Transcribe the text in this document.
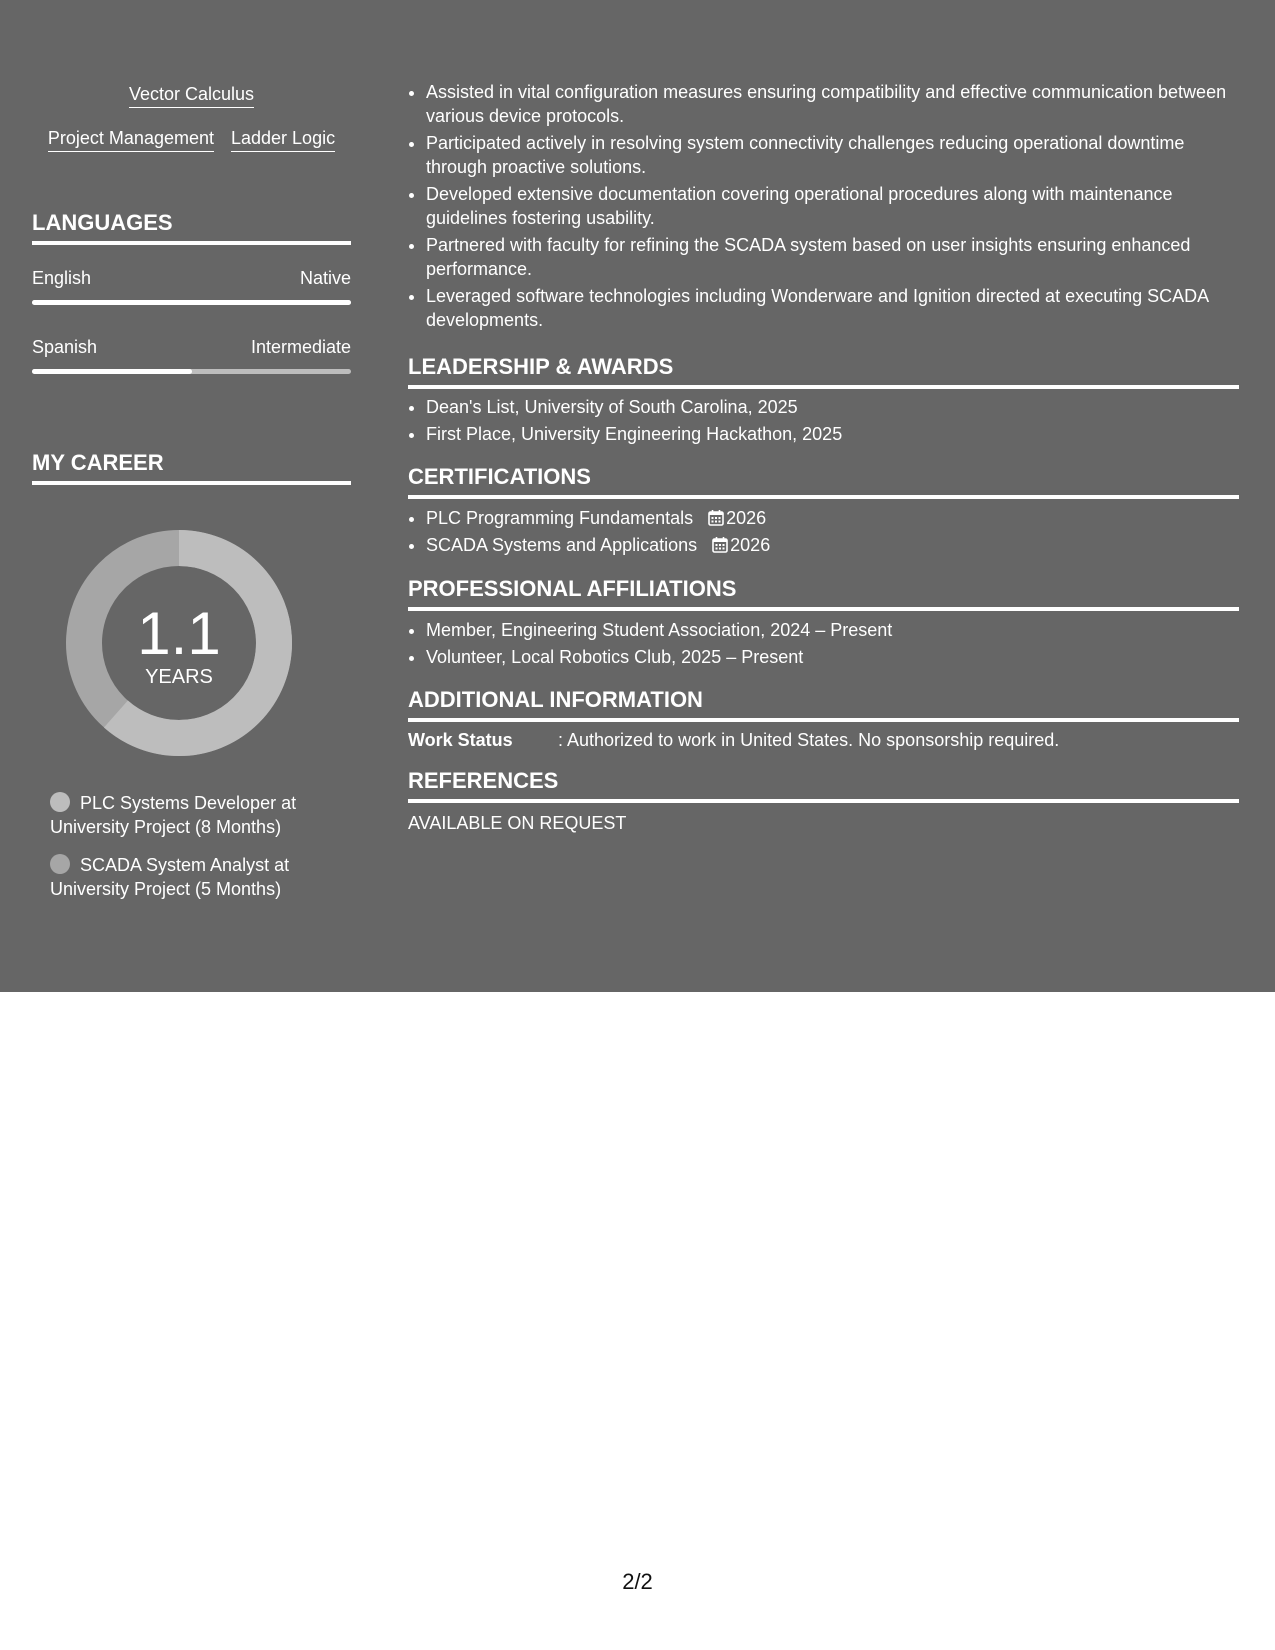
Vector Calculus
Project Management Ladder Logic
LANGUAGES
English	Native
Spanish	Intermediate
MY CAREER
1.1
YEARS
PLC Systems Developer at University Project (8 Months)
SCADA System Analyst at University Project (5 Months)
• Assisted in vital configuration measures ensuring compatibility and effective communication between various device protocols.
• Participated actively in resolving system connectivity challenges reducing operational downtime through proactive solutions.
• Developed extensive documentation covering operational procedures along with maintenance guidelines fostering usability.
• Partnered with faculty for refining the SCADA system based on user insights ensuring enhanced performance.
• Leveraged software technologies including Wonderware and Ignition directed at executing SCADA developments.
LEADERSHIP & AWARDS
• Dean's List, University of South Carolina, 2025
• First Place, University Engineering Hackathon, 2025
CERTIFICATIONS
• PLC Programming Fundamentals 2026
• SCADA Systems and Applications 2026
PROFESSIONAL AFFILIATIONS
• Member, Engineering Student Association, 2024 – Present
• Volunteer, Local Robotics Club, 2025 – Present
ADDITIONAL INFORMATION
Work Status	: Authorized to work in United States. No sponsorship required.
REFERENCES
AVAILABLE ON REQUEST
2/2
